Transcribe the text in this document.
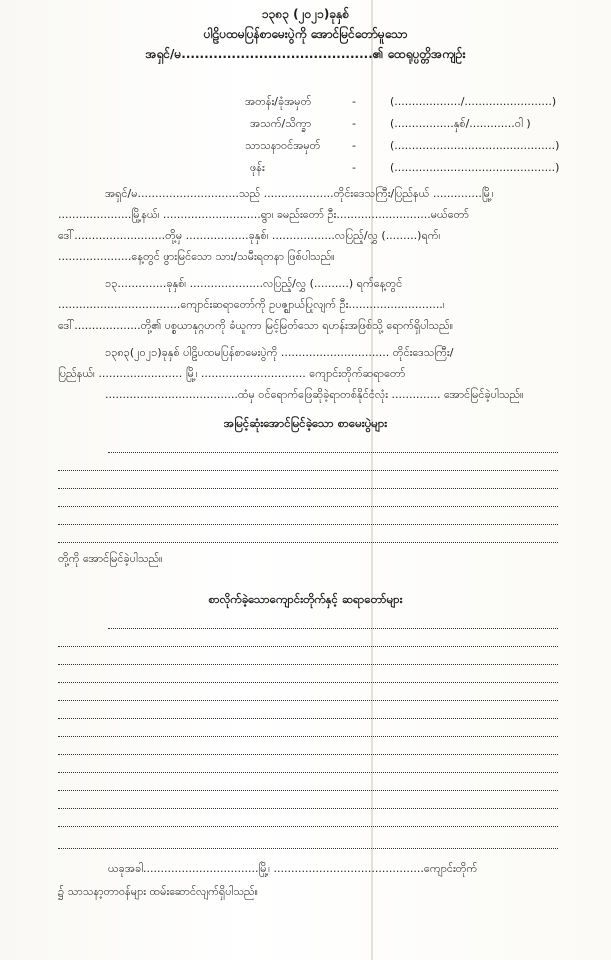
၁၃၈၃ (၂၀၂၁)ခုနှစ်
ပါဠိပထမပြန်စာမေးပွဲကို အောင်မြင်တော်မူသော
အရှင်/မ..........................................၏ ထေရုပ္ပတ္တိအကျဉ်း
အတန်း/ခုံအမှတ်	-	(.................../.........................)
အသက်/သိက္ခာ	-	(.................နှစ်/.............ဝါ )
သာသနာဝင်အမှတ်	-	(..............................................)
ဖုန်း	-	(..............................................)
အရှင်/မ.............................သည် ....................တိုင်းဒေသကြီး/ပြည်နယ် ..............မြို့၊
.....................မြို့နယ်၊ ............................ရွာ၊ ခမည်းတော် ဦး...........................မယ်တော်
ဒေါ်..........................တို့မှ ..................ခုနှစ်၊ ..................လပြည့်/လွှ (.........)ရက်၊
.....................နေ့တွင် ဖွားမြင်သော သား/သမီးရတနာ ဖြစ်ပါသည်။
၁၃..............ခုနှစ်၊ .....................လပြည့်/လွှ (..........) ရက်နေ့တွင်
...................................ကျောင်းဆရာတော်ကို ဥပဇ္ဈာယ်ပြုလျက် ဦး...........................၊
ဒေါ်...................တို့၏ ပစ္စယာနုဂ္ဂဟကို ခံယူကာ မြင့်မြတ်သော ရဟန်းအဖြစ်သို့ ရောက်ရှိပါသည်။
၁၃၈၃(၂၀၂၁)ခုနှစ် ပါဠိပထမပြန်စာမေးပွဲကို ............................... တိုင်းဒေသကြီး/
ပြည်နယ်၊ ........................ မြို့၊ .............................. ကျောင်းတိုက်ဆရာတော်
......................................ထံမှ ဝင်ရောက်ဖြေဆိုခဲ့ရာတစ်နိုင်ငံလုံး .............. အောင်မြင်ခဲ့ပါသည်။
အမြင့်ဆုံးအောင်မြင်ခဲ့သော စာမေးပွဲများ
တို့ကို အောင်မြင်ခဲ့ပါသည်။
စာလိုက်ခဲ့သောကျောင်းတိုက်နှင့် ဆရာတော်များ
ယခုအခါ.................................မြို့၊ ...........................................ကျောင်းတိုက်
၌ သာသနာ့တာဝန်များ ထမ်းဆောင်လျက်ရှိပါသည်။
